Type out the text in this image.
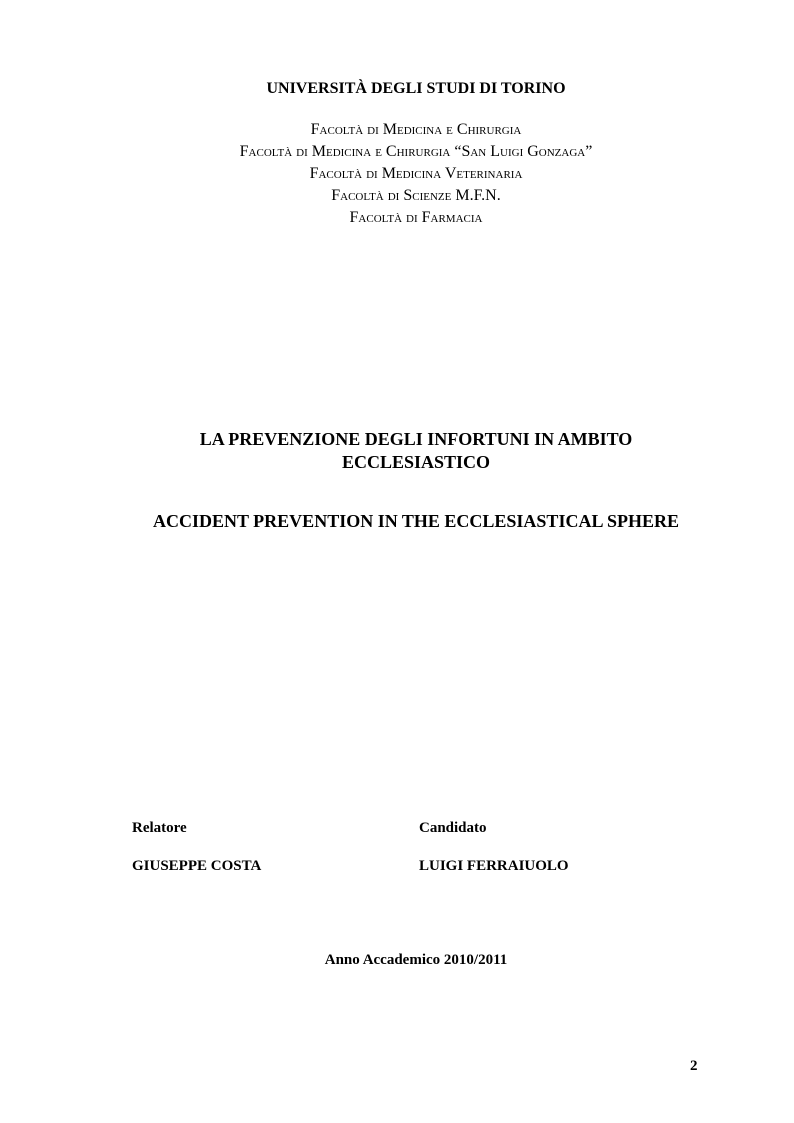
UNIVERSITÀ DEGLI STUDI DI TORINO
Facoltà di Medicina e Chirurgia
Facoltà di Medicina e Chirurgia “San Luigi Gonzaga”
Facoltà di Medicina Veterinaria
Facoltà di Scienze M.F.N.
Facoltà di Farmacia
LA PREVENZIONE DEGLI INFORTUNI IN AMBITO
ECCLESIASTICO
ACCIDENT PREVENTION IN THE ECCLESIASTICAL SPHERE
Relatore	Candidato
GIUSEPPE COSTA	LUIGI FERRAIUOLO
Anno Accademico 2010/2011
2
